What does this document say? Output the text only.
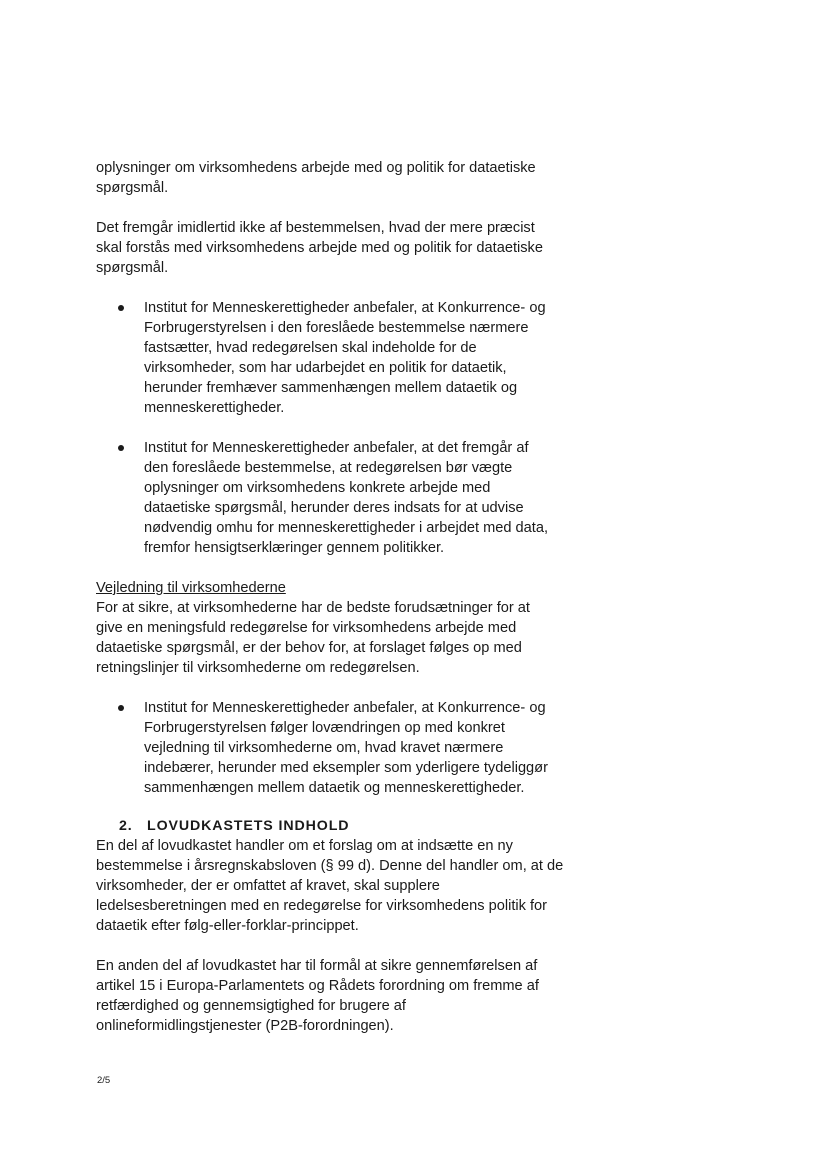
oplysninger om virksomhedens arbejde med og politik for dataetiske
spørgsmål.
Det fremgår imidlertid ikke af bestemmelsen, hvad der mere præcist
skal forstås med virksomhedens arbejde med og politik for dataetiske
spørgsmål.
Institut for Menneskerettigheder anbefaler, at Konkurrence- og
Forbrugerstyrelsen i den foreslåede bestemmelse nærmere
fastsætter, hvad redegørelsen skal indeholde for de
virksomheder, som har udarbejdet en politik for dataetik,
herunder fremhæver sammenhængen mellem dataetik og
menneskerettigheder.
Institut for Menneskerettigheder anbefaler, at det fremgår af
den foreslåede bestemmelse, at redegørelsen bør vægte
oplysninger om virksomhedens konkrete arbejde med
dataetiske spørgsmål, herunder deres indsats for at udvise
nødvendig omhu for menneskerettigheder i arbejdet med data,
fremfor hensigtserklæringer gennem politikker.
Vejledning til virksomhederne
For at sikre, at virksomhederne har de bedste forudsætninger for at
give en meningsfuld redegørelse for virksomhedens arbejde med
dataetiske spørgsmål, er der behov for, at forslaget følges op med
retningslinjer til virksomhederne om redegørelsen.
Institut for Menneskerettigheder anbefaler, at Konkurrence- og
Forbrugerstyrelsen følger lovændringen op med konkret
vejledning til virksomhederne om, hvad kravet nærmere
indebærer, herunder med eksempler som yderligere tydeliggør
sammenhængen mellem dataetik og menneskerettigheder.
2. LOVUDKASTETS INDHOLD
En del af lovudkastet handler om et forslag om at indsætte en ny
bestemmelse i årsregnskabsloven (§ 99 d). Denne del handler om, at de
virksomheder, der er omfattet af kravet, skal supplere
ledelsesberetningen med en redegørelse for virksomhedens politik for
dataetik efter følg-eller-forklar-princippet.
En anden del af lovudkastet har til formål at sikre gennemførelsen af
artikel 15 i Europa-Parlamentets og Rådets forordning om fremme af
retfærdighed og gennemsigtighed for brugere af
onlineformidlingstjenester (P2B-forordningen).
2/5
